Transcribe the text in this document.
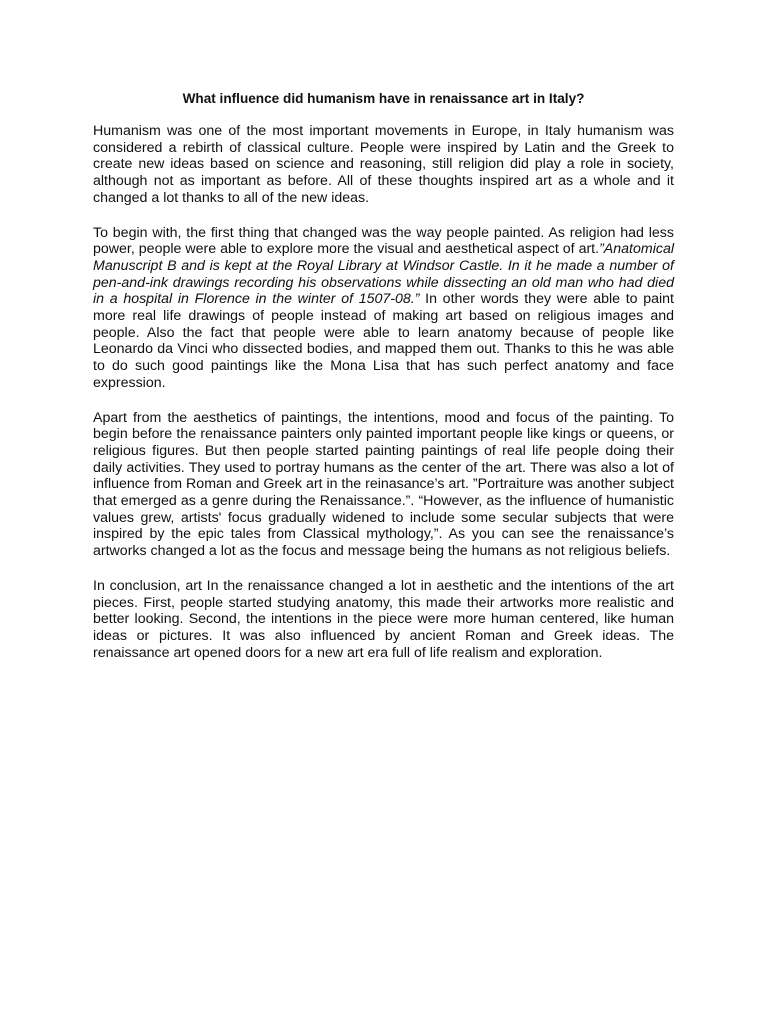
What influence did humanism have in renaissance art in Italy?

Humanism was one of the most important movements in Europe, in Italy humanism was considered a rebirth of classical culture. People were inspired by Latin and the Greek to create new ideas based on science and reasoning, still religion did play a role in society, although not as important as before. All of these thoughts inspired art as a whole and it changed a lot thanks to all of the new ideas.

To begin with, the first thing that changed was the way people painted. As religion had less power, people were able to explore more the visual and aesthetical aspect of art.”Anatomical Manuscript B and is kept at the Royal Library at Windsor Castle. In it he made a number of pen-and-ink drawings recording his observations while dissecting an old man who had died in a hospital in Florence in the winter of 1507-08.” In other words they were able to paint more real life drawings of people instead of making art based on religious images and people. Also the fact that people were able to learn anatomy because of people like Leonardo da Vinci who dissected bodies, and mapped them out. Thanks to this he was able to do such good paintings like the Mona Lisa that has such perfect anatomy and face expression.

Apart from the aesthetics of paintings, the intentions, mood and focus of the painting. To begin before the renaissance painters only painted important people like kings or queens, or religious figures. But then people started painting paintings of real life people doing their daily activities. They used to portray humans as the center of the art. There was also a lot of influence from Roman and Greek art in the reinasance’s art. ”Portraiture was another subject that emerged as a genre during the Renaissance.”. “However, as the influence of humanistic values grew, artists' focus gradually widened to include some secular subjects that were inspired by the epic tales from Classical mythology,”. As you can see the renaissance’s artworks changed a lot as the focus and message being the humans as not religious beliefs.

In conclusion, art In the renaissance changed a lot in aesthetic and the intentions of the art pieces. First, people started studying anatomy, this made their artworks more realistic and better looking. Second, the intentions in the piece were more human centered, like human ideas or pictures. It was also influenced by ancient Roman and Greek ideas. The renaissance art opened doors for a new art era full of life realism and exploration.
